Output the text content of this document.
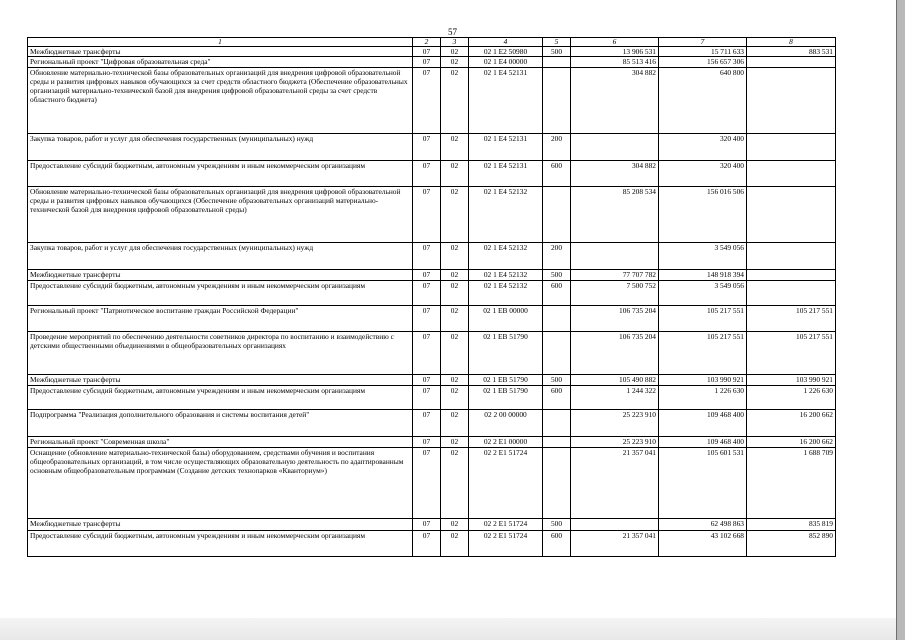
57
1	2	3	4	5	6	7	8
Межбюджетные трансферты	07	02	02 1 E2 50980	500	13 906 531	15 711 633	883 531
Региональный проект "Цифровая образовательная среда"	07	02	02 1 E4 00000		85 513 416	156 657 306	
Обновление материально-технической базы образовательных организаций для внедрения цифровой образовательной среды и развития цифровых навыков обучающихся за счет средств областного бюджета (Обеспечение образовательных организаций материально-технической базой для внедрения цифровой образовательной среды за счет средств областного бюджета)	07	02	02 1 E4 52131		304 882	640 800	
Закупка товаров, работ и услуг для обеспечения государственных (муниципальных) нужд	07	02	02 1 E4 52131	200		320 400	
Предоставление субсидий бюджетным, автономным учреждениям и иным некоммерческим организациям	07	02	02 1 E4 52131	600	304 882	320 400	
Обновление материально-технической базы образовательных организаций для внедрения цифровой образовательной среды и развития цифровых навыков обучающихся (Обеспечение образовательных организаций материально-технической базой для внедрения цифровой образовательной среды)	07	02	02 1 E4 52132		85 208 534	156 016 506	
Закупка товаров, работ и услуг для обеспечения государственных (муниципальных) нужд	07	02	02 1 E4 52132	200		3 549 056	
Межбюджетные трансферты	07	02	02 1 E4 52132	500	77 707 782	148 918 394	
Предоставление субсидий бюджетным, автономным учреждениям и иным некоммерческим организациям	07	02	02 1 E4 52132	600	7 500 752	3 549 056	
Региональный проект "Патриотическое воспитание граждан Российской Федерации"	07	02	02 1 EB 00000		106 735 204	105 217 551	105 217 551
Проведение мероприятий по обеспечению деятельности советников директора по воспитанию и взаимодействию с детскими общественными объединениями в общеобразовательных организациях	07	02	02 1 EB 51790		106 735 204	105 217 551	105 217 551
Межбюджетные трансферты	07	02	02 1 EB 51790	500	105 490 882	103 990 921	103 990 921
Предоставление субсидий бюджетным, автономным учреждениям и иным некоммерческим организациям	07	02	02 1 EB 51790	600	1 244 322	1 226 630	1 226 630
Подпрограмма "Реализация дополнительного образования и системы воспитания детей"	07	02	02 2 00 00000		25 223 910	109 468 400	16 200 662
Региональный проект "Современная школа"	07	02	02 2 E1 00000		25 223 910	109 468 400	16 200 662
Оснащение (обновление материально-технической базы) оборудованием, средствами обучения и воспитания общеобразовательных организаций, в том числе осуществляющих образовательную деятельность по адаптированным основным общеобразовательным программам (Создание детских технопарков «Кванториум»)	07	02	02 2 E1 51724		21 357 041	105 601 531	1 688 709
Межбюджетные трансферты	07	02	02 2 E1 51724	500		62 498 863	835 819
Предоставление субсидий бюджетным, автономным учреждениям и иным некоммерческим организациям	07	02	02 2 E1 51724	600	21 357 041	43 102 668	852 890
